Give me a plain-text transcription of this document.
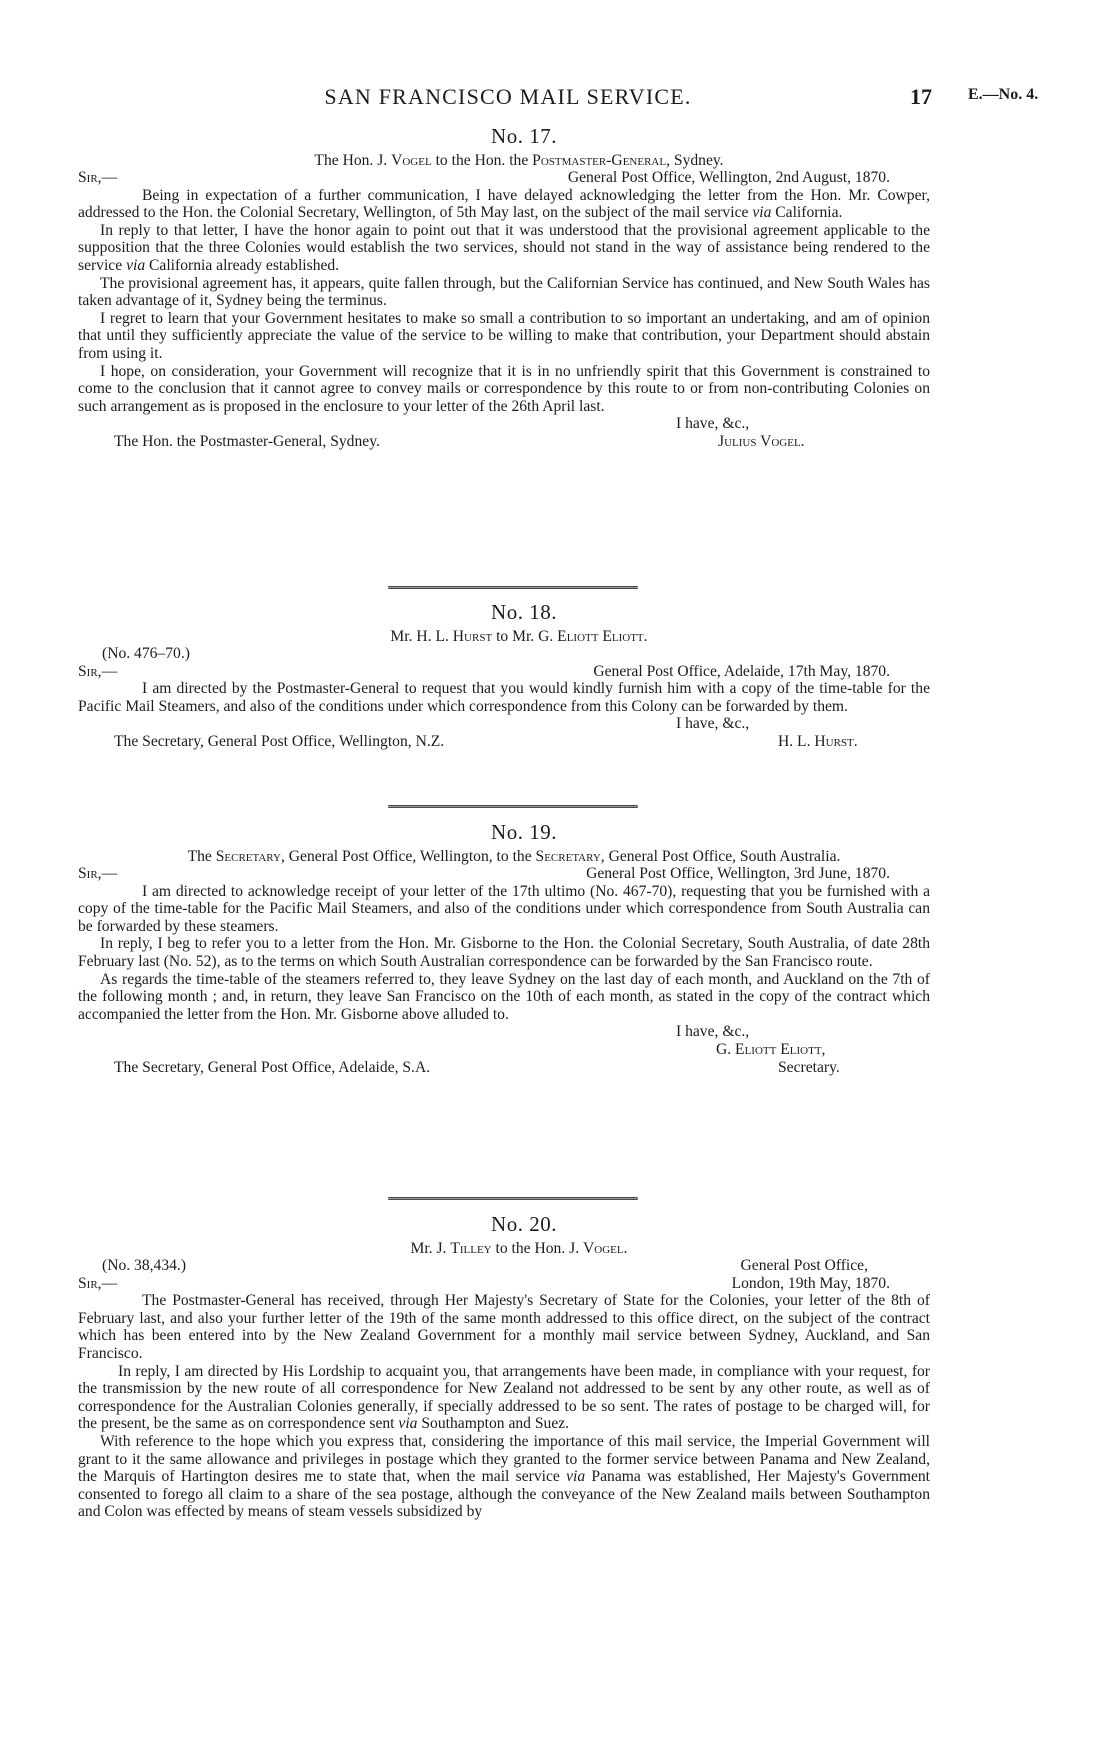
SAN FRANCISCO MAIL SERVICE.	17 E.—No. 4.
No. 17.
The Hon. J. Vogel to the Hon. the Postmaster-General, Sydney.
Sir,—	General Post Office, Wellington, 2nd August, 1870.

Being in expectation of a further communication, I have delayed acknowledging the letter from the Hon. Mr. Cowper, addressed to the Hon. the Colonial Secretary, Wellington, of 5th May last, on the subject of the mail service via California.

In reply to that letter, I have the honor again to point out that it was understood that the provisional agreement applicable to the supposition that the three Colonies would establish the two services, should not stand in the way of assistance being rendered to the service via California already established.

The provisional agreement has, it appears, quite fallen through, but the Californian Service has continued, and New South Wales has taken advantage of it, Sydney being the terminus.

I regret to learn that your Government hesitates to make so small a contribution to so important an undertaking, and am of opinion that until they sufficiently appreciate the value of the service to be willing to make that contribution, your Department should abstain from using it.

I hope, on consideration, your Government will recognize that it is in no unfriendly spirit that this Government is constrained to come to the conclusion that it cannot agree to convey mails or correspondence by this route to or from non-contributing Colonies on such arrangement as is proposed in the enclosure to your letter of the 26th April last.

I have, &c.,
The Hon. the Postmaster-General, Sydney.	Julius Vogel.
No. 18.
Mr. H. L. Hurst to Mr. G. Eliott Eliott.
(No. 476–70.)
Sir,—	General Post Office, Adelaide, 17th May, 1870.

I am directed by the Postmaster-General to request that you would kindly furnish him with a copy of the time-table for the Pacific Mail Steamers, and also of the conditions under which correspondence from this Colony can be forwarded by them.

I have, &c.,
The Secretary, General Post Office, Wellington, N.Z.	H. L. Hurst.
No. 19.
The Secretary, General Post Office, Wellington, to the Secretary, General Post Office, South Australia.
Sir,—	General Post Office, Wellington, 3rd June, 1870.

I am directed to acknowledge receipt of your letter of the 17th ultimo (No. 467-70), requesting that you be furnished with a copy of the time-table for the Pacific Mail Steamers, and also of the conditions under which correspondence from South Australia can be forwarded by these steamers.

In reply, I beg to refer you to a letter from the Hon. Mr. Gisborne to the Hon. the Colonial Secretary, South Australia, of date 28th February last (No. 52), as to the terms on which South Australian correspondence can be forwarded by the San Francisco route.

As regards the time-table of the steamers referred to, they leave Sydney on the last day of each month, and Auckland on the 7th of the following month ; and, in return, they leave San Francisco on the 10th of each month, as stated in the copy of the contract which accompanied the letter from the Hon. Mr. Gisborne above alluded to.

I have, &c.,
G. Eliott Eliott,
The Secretary, General Post Office, Adelaide, S.A.	Secretary.
No. 20.
Mr. J. Tilley to the Hon. J. Vogel.
(No. 38,434.)	General Post Office,
Sir,—	London, 19th May, 1870.

The Postmaster-General has received, through Her Majesty's Secretary of State for the Colonies, your letter of the 8th of February last, and also your further letter of the 19th of the same month addressed to this office direct, on the subject of the contract which has been entered into by the New Zealand Government for a monthly mail service between Sydney, Auckland, and San Francisco.

In reply, I am directed by His Lordship to acquaint you, that arrangements have been made, in compliance with your request, for the transmission by the new route of all correspondence for New Zealand not addressed to be sent by any other route, as well as of correspondence for the Australian Colonies generally, if specially addressed to be so sent. The rates of postage to be charged will, for the present, be the same as on correspondence sent via Southampton and Suez.

With reference to the hope which you express that, considering the importance of this mail service, the Imperial Government will grant to it the same allowance and privileges in postage which they granted to the former service between Panama and New Zealand, the Marquis of Hartington desires me to state that, when the mail service via Panama was established, Her Majesty's Government consented to forego all claim to a share of the sea postage, although the conveyance of the New Zealand mails between Southampton and Colon was effected by means of steam vessels subsidized by
